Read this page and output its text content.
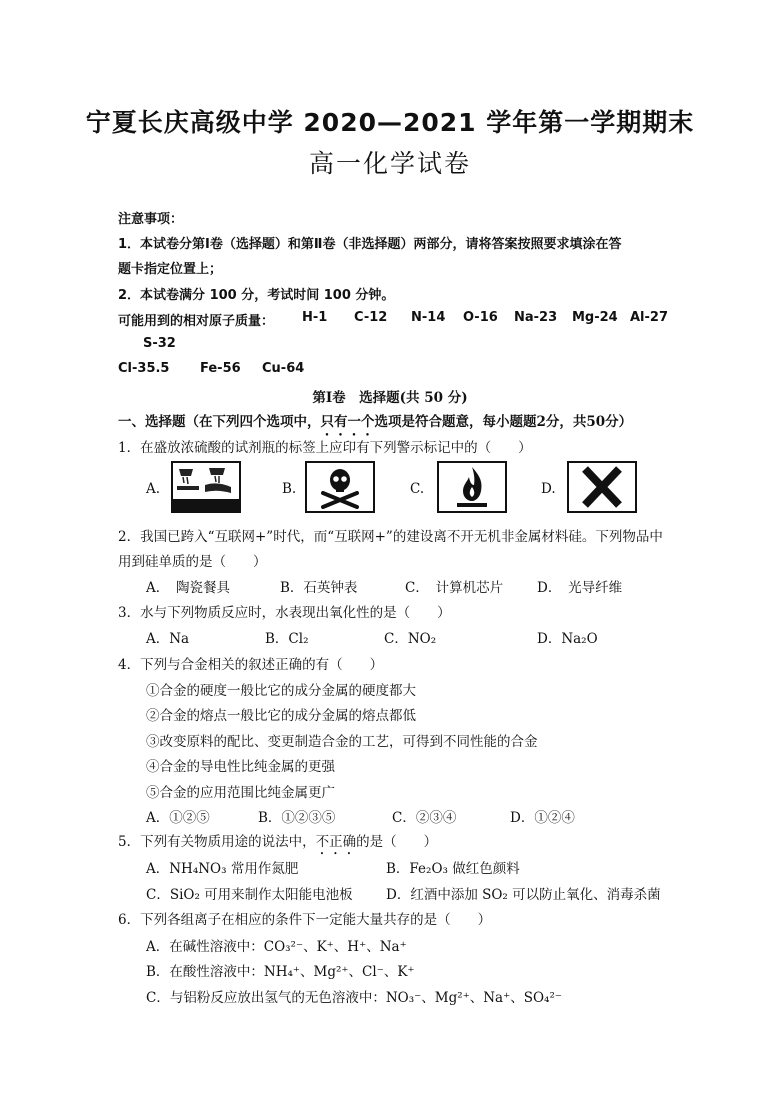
宁夏长庆高级中学 2020—2021 学年第一学期期末
高一化学试卷
注意事项：
1．本试卷分第Ⅰ卷（选择题）和第Ⅱ卷（非选择题）两部分，请将答案按照要求填涂在答
题卡指定位置上；
2．本试卷满分 100 分，考试时间 100 分钟。
可能用到的相对原子质量： H-1 C-12 N-14 O-16 Na-23 Mg-24 Al-27
S-32
Cl-35.5 Fe-56 Cu-64
第Ⅰ卷　选择题(共 50 分)
一、选择题（在下列四个选项中，只有一个选项是符合题意，每小题题2分，共50分）
1．在盛放浓硫酸的试剂瓶的标签上应印有下列警示标记中的（　　）
A.	B.	C.	D.
2．我国已跨入“互联网+”时代，而“互联网+”的建设离不开无机非金属材料硅。下列物品中
用到硅单质的是（　　）
A．　陶瓷餐具	B．石英钟表	C．　计算机芯片	D．　光导纤维
3．水与下列物质反应时，水表现出氧化性的是（　　）
A．Na	B．Cl₂	C．NO₂	D．Na₂O
4．下列与合金相关的叙述正确的有（　　）
①合金的硬度一般比它的成分金属的硬度都大
②合金的熔点一般比它的成分金属的熔点都低
③改变原料的配比、变更制造合金的工艺，可得到不同性能的合金
④合金的导电性比纯金属的更强
⑤合金的应用范围比纯金属更广
A．①②⑤	B．①②③⑤	C．②③④	D．①②④
5．下列有关物质用途的说法中，不正确的是（　　）
A．NH₄NO₃ 常用作氮肥	B．Fe₂O₃ 做红色颜料
C．SiO₂ 可用来制作太阳能电池板 D．红酒中添加 SO₂ 可以防止氧化、消毒杀菌
6．下列各组离子在相应的条件下一定能大量共存的是（　　）
A．在碱性溶液中：CO₃²⁻、K⁺、H⁺、Na⁺
B．在酸性溶液中：NH₄⁺、Mg²⁺、Cl⁻、K⁺
C．与铝粉反应放出氢气的无色溶液中：NO₃⁻、Mg²⁺、Na⁺、SO₄²⁻
